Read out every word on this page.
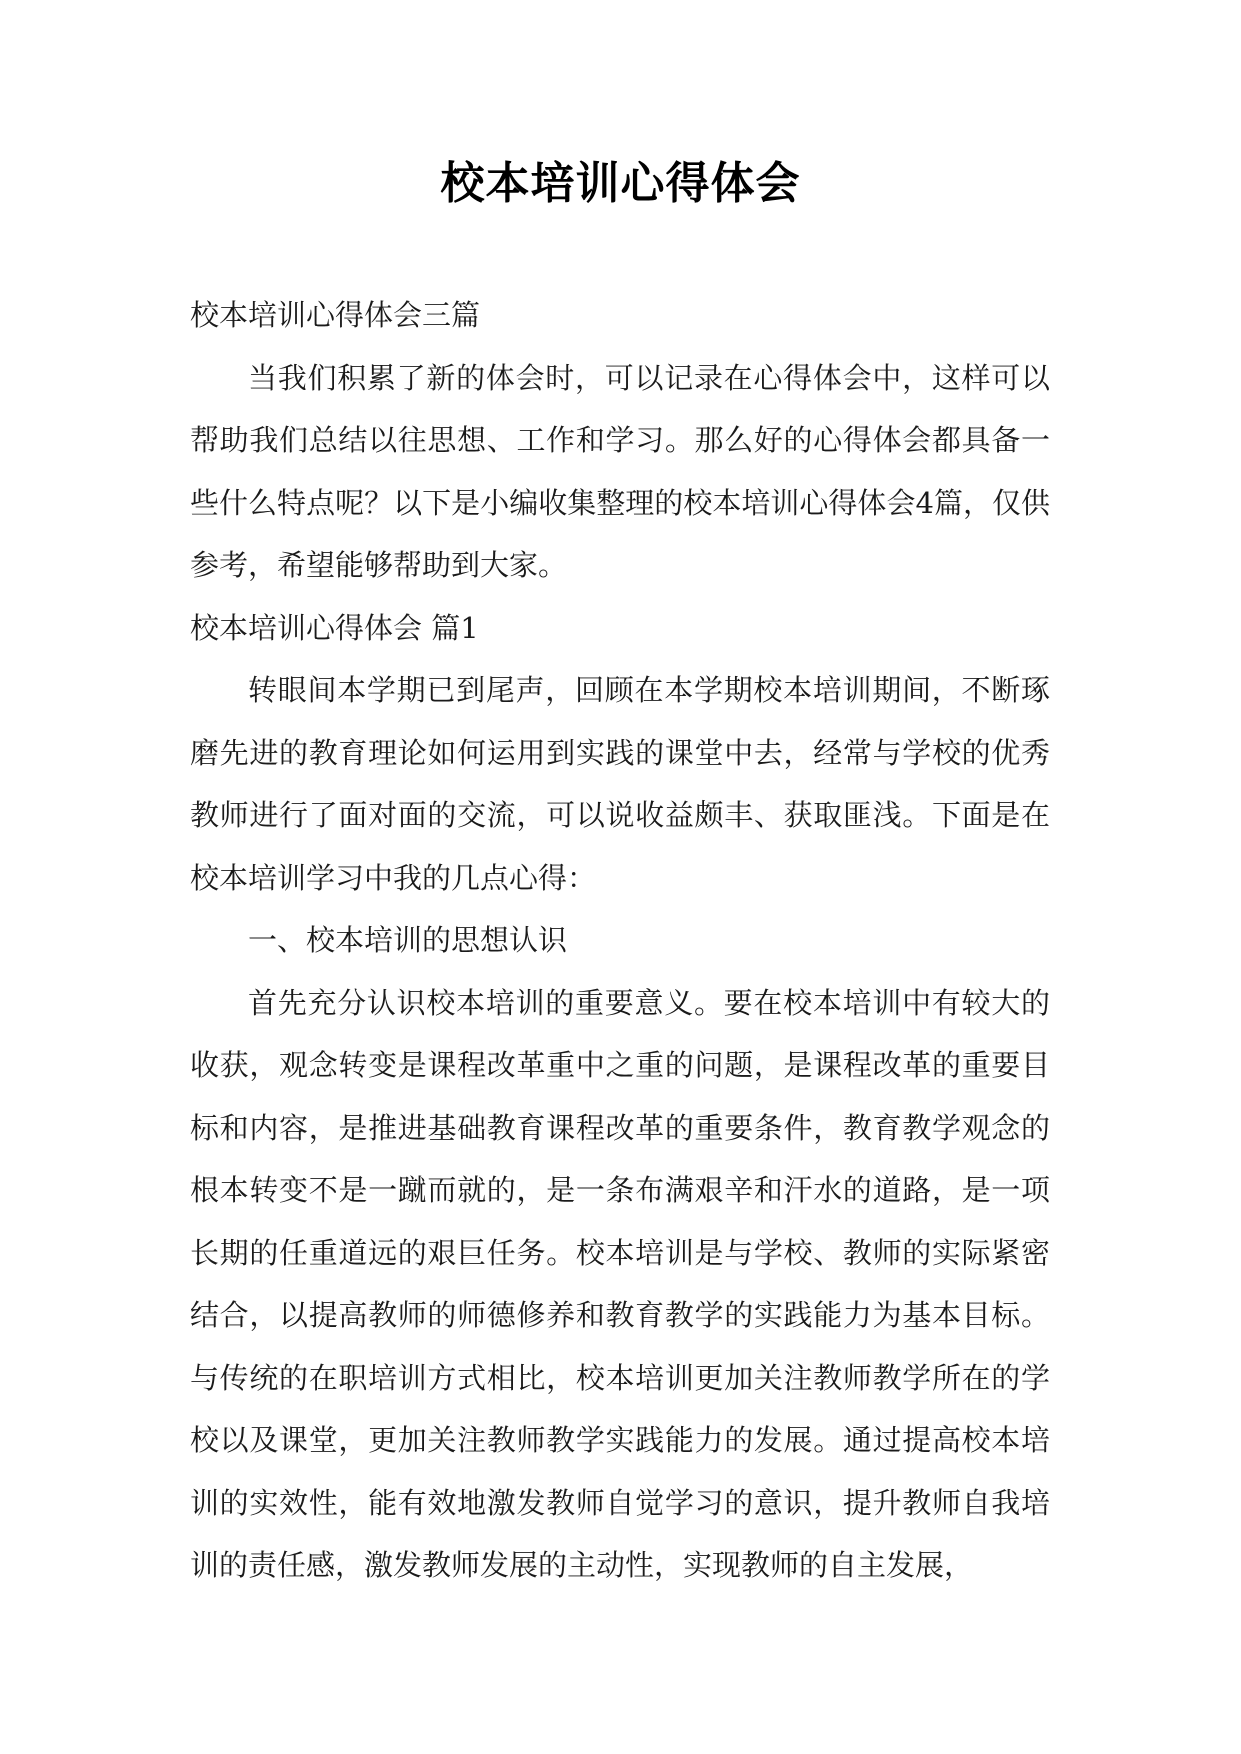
校本培训心得体会

校本培训心得体会三篇

当我们积累了新的体会时，可以记录在心得体会中，这样可以帮助我们总结以往思想、工作和学习。那么好的心得体会都具备一些什么特点呢？以下是小编收集整理的校本培训心得体会4篇，仅供参考，希望能够帮助到大家。

校本培训心得体会 篇1

转眼间本学期已到尾声，回顾在本学期校本培训期间，不断琢磨先进的教育理论如何运用到实践的课堂中去，经常与学校的优秀教师进行了面对面的交流，可以说收益颇丰、获取匪浅。下面是在校本培训学习中我的几点心得：

一、校本培训的思想认识

首先充分认识校本培训的重要意义。要在校本培训中有较大的收获，观念转变是课程改革重中之重的问题，是课程改革的重要目标和内容，是推进基础教育课程改革的重要条件，教育教学观念的根本转变不是一蹴而就的，是一条布满艰辛和汗水的道路，是一项长期的任重道远的艰巨任务。校本培训是与学校、教师的实际紧密结合，以提高教师的师德修养和教育教学的实践能力为基本目标。与传统的在职培训方式相比，校本培训更加关注教师教学所在的学校以及课堂，更加关注教师教学实践能力的发展。通过提高校本培训的实效性，能有效地激发教师自觉学习的意识，提升教师自我培训的责任感，激发教师发展的主动性，实现教师的自主发展，
